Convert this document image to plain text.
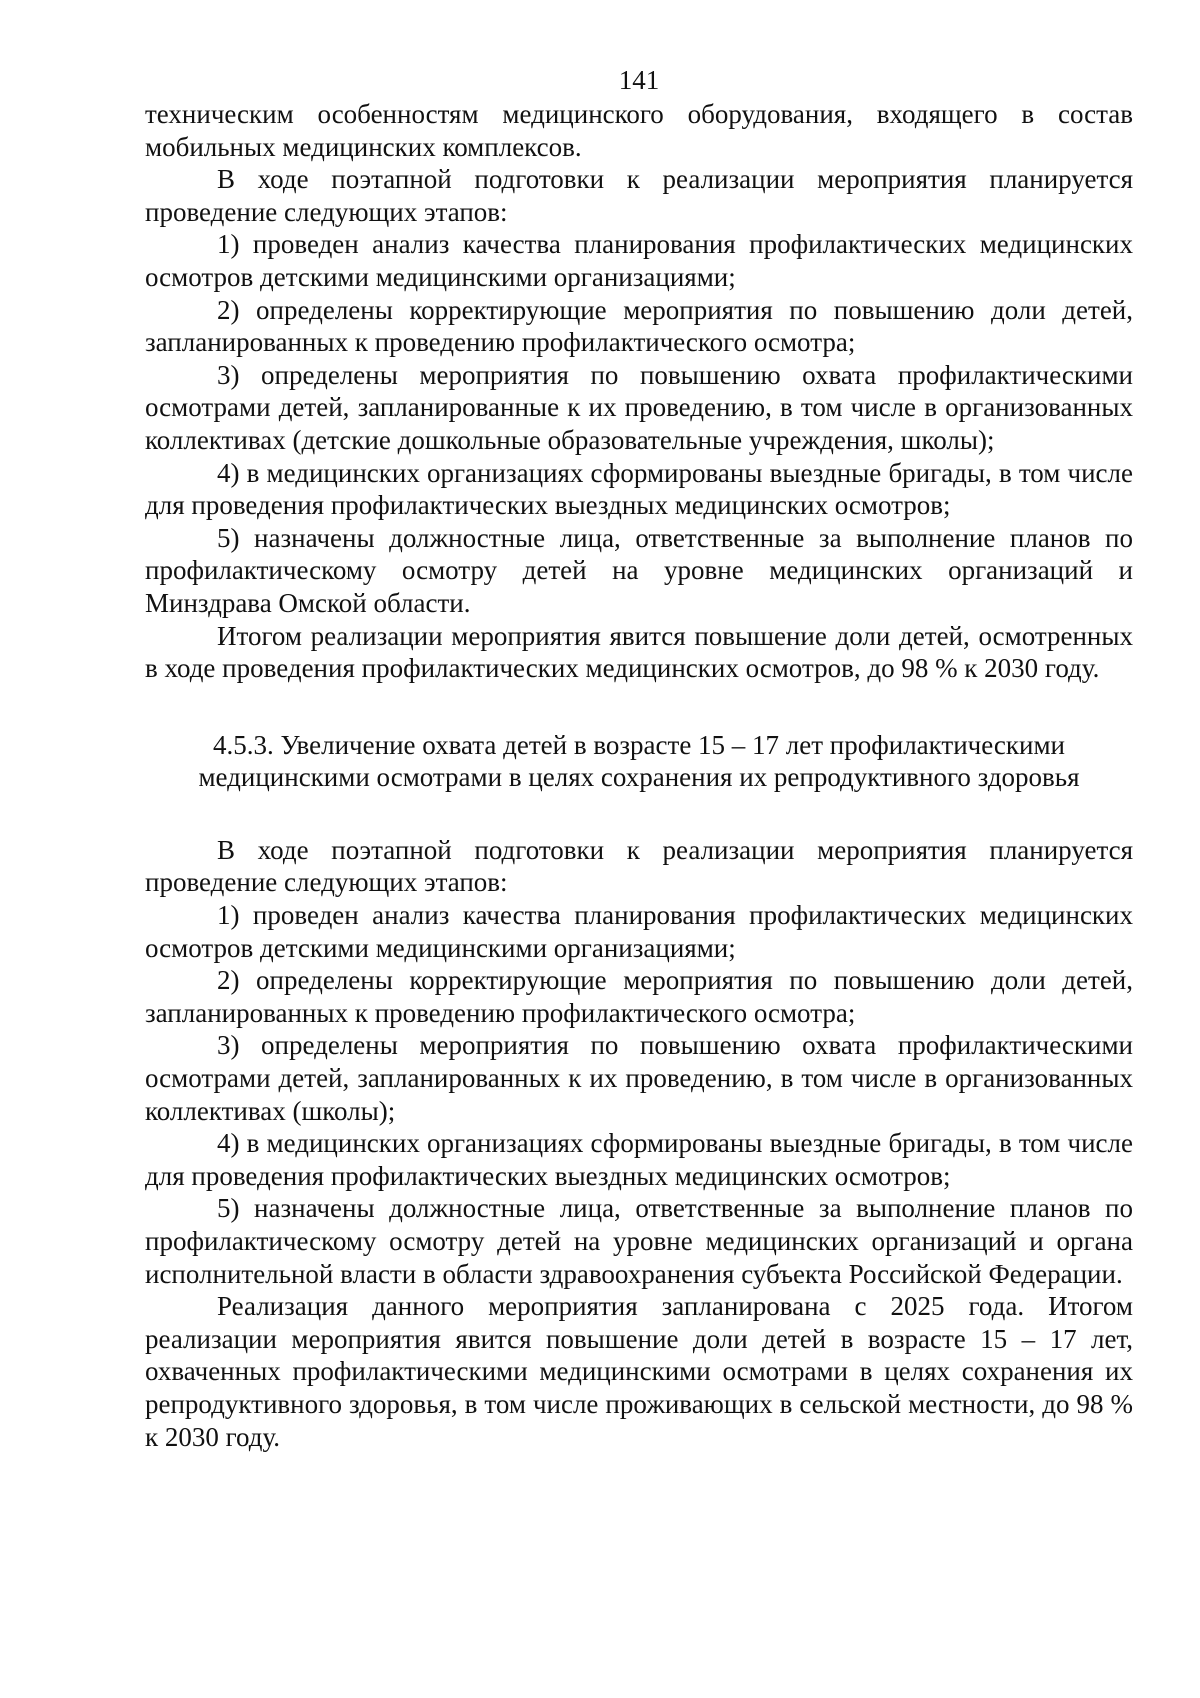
141

техническим особенностям медицинского оборудования, входящего в состав мобильных медицинских комплексов.

В ходе поэтапной подготовки к реализации мероприятия планируется проведение следующих этапов:

1) проведен анализ качества планирования профилактических медицинских осмотров детскими медицинскими организациями;

2) определены корректирующие мероприятия по повышению доли детей, запланированных к проведению профилактического осмотра;

3) определены мероприятия по повышению охвата профилактическими осмотрами детей, запланированные к их проведению, в том числе в организованных коллективах (детские дошкольные образовательные учреждения, школы);

4) в медицинских организациях сформированы выездные бригады, в том числе для проведения профилактических выездных медицинских осмотров;

5) назначены должностные лица, ответственные за выполнение планов по профилактическому осмотру детей на уровне медицинских организаций и Минздрава Омской области.

Итогом реализации мероприятия явится повышение доли детей, осмотренных в ходе проведения профилактических медицинских осмотров, до 98 % к 2030 году.

4.5.3. Увеличение охвата детей в возрасте 15 – 17 лет профилактическими
медицинскими осмотрами в целях сохранения их репродуктивного здоровья

В ходе поэтапной подготовки к реализации мероприятия планируется проведение следующих этапов:

1) проведен анализ качества планирования профилактических медицинских осмотров детскими медицинскими организациями;

2) определены корректирующие мероприятия по повышению доли детей, запланированных к проведению профилактического осмотра;

3) определены мероприятия по повышению охвата профилактическими осмотрами детей, запланированных к их проведению, в том числе в организованных коллективах (школы);

4) в медицинских организациях сформированы выездные бригады, в том числе для проведения профилактических выездных медицинских осмотров;

5) назначены должностные лица, ответственные за выполнение планов по профилактическому осмотру детей на уровне медицинских организаций и органа исполнительной власти в области здравоохранения субъекта Российской Федерации.

Реализация данного мероприятия запланирована с 2025 года. Итогом реализации мероприятия явится повышение доли детей в возрасте 15 – 17 лет, охваченных профилактическими медицинскими осмотрами в целях сохранения их репродуктивного здоровья, в том числе проживающих в сельской местности, до 98 % к 2030 году.
